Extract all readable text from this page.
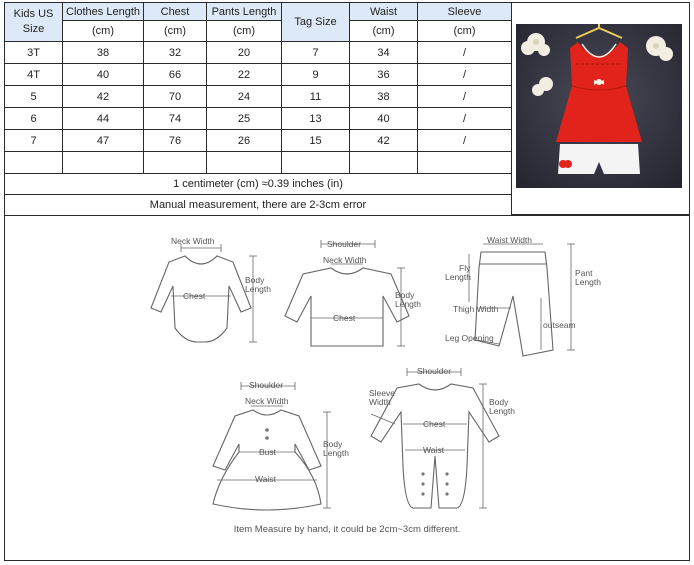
Kids US
Size	Clothes Length	Chest	Pants Length	Tag Size	Waist	Sleeve
	(cm)	(cm)	(cm)		(cm)	(cm)
3T	38	32	20	7	34	/
4T	40	66	22	9	36	/
5	42	70	24	11	38	/
6	44	74	25	13	40	/
7	47	76	26	15	42	/

1 centimeter (cm) ≈0.39 inches (in)						
Manual measurement, there are 2-3cm error						
Neck Width
Chest
Body
Length
Shoulder
Neck Width
Chest
Body
Length
Waist Width
Fly
Length	Pant
Length
Thigh Width
outseam
Leg Opening
Shoulder
Neck Width
Bust
Waist
Body
Length
Shoulder
Sleeve
Width
Chest
Waist
Body
Length
Item Measure by hand, it could be 2cm~3cm different.
